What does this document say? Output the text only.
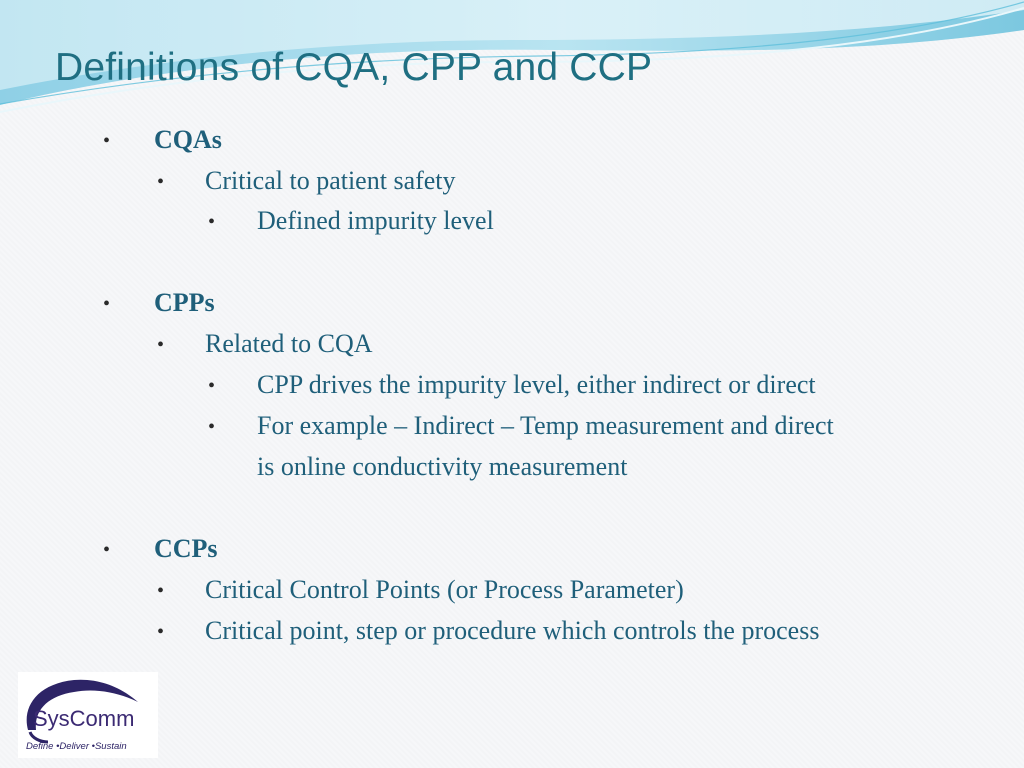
Definitions of CQA, CPP and CCP
• CQAs
• Critical to patient safety
• Defined impurity level
• CPPs
• Related to CQA
• CPP drives the impurity level, either indirect or direct
• For example – Indirect – Temp measurement and direct
is online conductivity measurement
• CCPs
• Critical Control Points (or Process Parameter)
• Critical point, step or procedure which controls the process
SysComm
Define •Deliver •Sustain
